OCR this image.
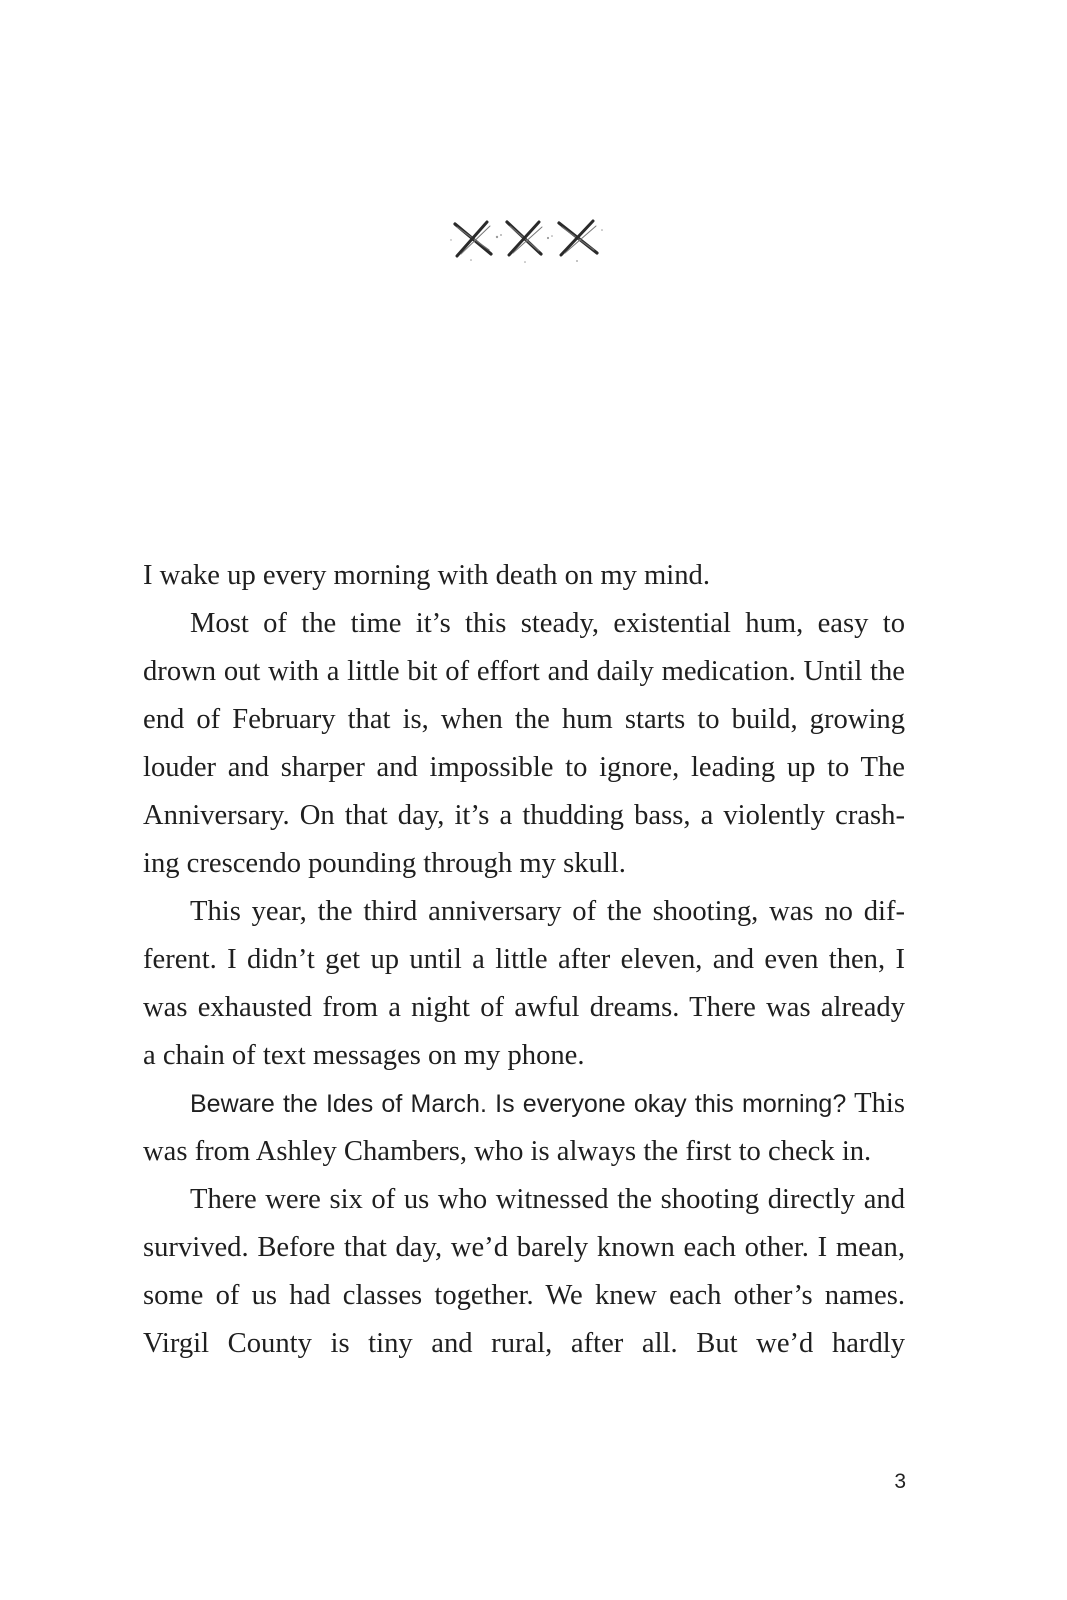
I wake up every morning with death on my mind.
Most of the time it’s this steady, existential hum, easy to
drown out with a little bit of effort and daily medication. Until the
end of February that is, when the hum starts to build, growing
louder and sharper and impossible to ignore, leading up to The
Anniversary. On that day, it’s a thudding bass, a violently crash-
ing crescendo pounding through my skull.
This year, the third anniversary of the shooting, was no dif-
ferent. I didn’t get up until a little after eleven, and even then, I
was exhausted from a night of awful dreams. There was already
a chain of text messages on my phone.
Beware the Ides of March. Is everyone okay this morning? This
was from Ashley Chambers, who is always the first to check in.
There were six of us who witnessed the shooting directly and
survived. Before that day, we’d barely known each other. I mean,
some of us had classes together. We knew each other’s names.
Virgil County is tiny and rural, after all. But we’d hardly
3
